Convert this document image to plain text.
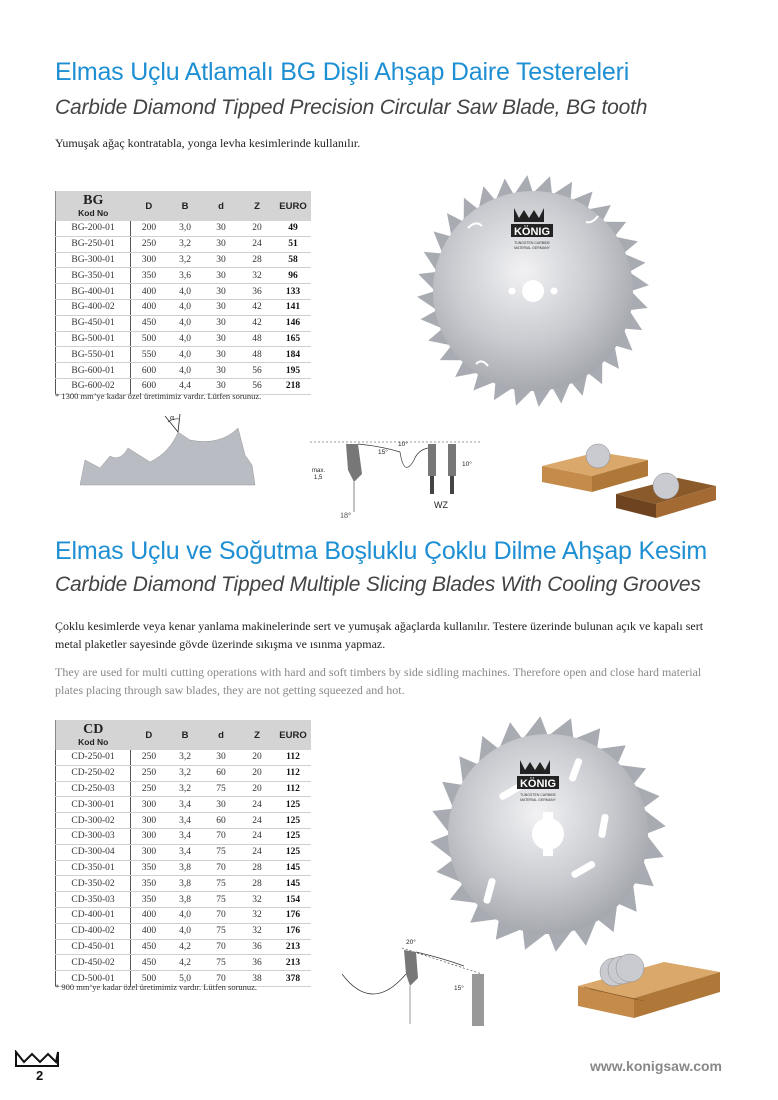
Elmas Uçlu Atlamalı BG Dişli Ahşap Daire Testereleri
Carbide Diamond Tipped Precision Circular Saw Blade, BG tooth
Yumuşak ağaç kontratabla, yonga levha kesimlerinde kullanılır.
BG
Kod No	D	B	d	Z	EURO
BG-200-01	200	3,0	30	20	49
BG-250-01	250	3,2	30	24	51
BG-300-01	300	3,2	30	28	58
BG-350-01	350	3,6	30	32	96
BG-400-01	400	4,0	30	36	133
BG-400-02	400	4,0	30	42	141
BG-450-01	450	4,0	30	42	146
BG-500-01	500	4,0	30	48	165
BG-550-01	550	4,0	30	48	184
BG-600-01	600	4,0	30	56	195
BG-600-02	600	4,4	30	56	218
* 1300 mm’ye kadar özel üretimimiz vardır. Lütfen sorunuz.
KÖNIG
TUNGSTEN CARBIDE
MATERIAL GERMANY
α
15°
10°
max.
1,5
18°
10°
WZ
Elmas Uçlu ve Soğutma Boşluklu Çoklu Dilme Ahşap Kesim
Carbide Diamond Tipped Multiple Slicing Blades With Cooling Grooves
Çoklu kesimlerde veya kenar yanlama makinelerinde sert ve yumuşak ağaçlarda kullanılır. Testere üzerinde bulunan açık ve kapalı sert metal plaketler sayesinde gövde üzerinde sıkışma ve ısınma yapmaz.
They are used for multi cutting operations with hard and soft timbers by side sidling machines. Therefore open and close hard material plates placing through saw blades, they are not getting squeezed and hot.
CD
Kod No	D	B	d	Z	EURO
CD-250-01	250	3,2	30	20	112
CD-250-02	250	3,2	60	20	112
CD-250-03	250	3,2	75	20	112
CD-300-01	300	3,4	30	24	125
CD-300-02	300	3,4	60	24	125
CD-300-03	300	3,4	70	24	125
CD-300-04	300	3,4	75	24	125
CD-350-01	350	3,8	70	28	145
CD-350-02	350	3,8	75	28	145
CD-350-03	350	3,8	75	32	154
CD-400-01	400	4,0	70	32	176
CD-400-02	400	4,0	75	32	176
CD-450-01	450	4,2	70	36	213
CD-450-02	450	4,2	75	36	213
CD-500-01	500	5,0	70	38	378
* 900 mm’ye kadar özel üretimimiz vardır. Lütfen sorunuz.
KÖNIG
TUNGSTEN CARBIDE
MATERIAL GERMANY
20°
15°
2
www.konigsaw.com
